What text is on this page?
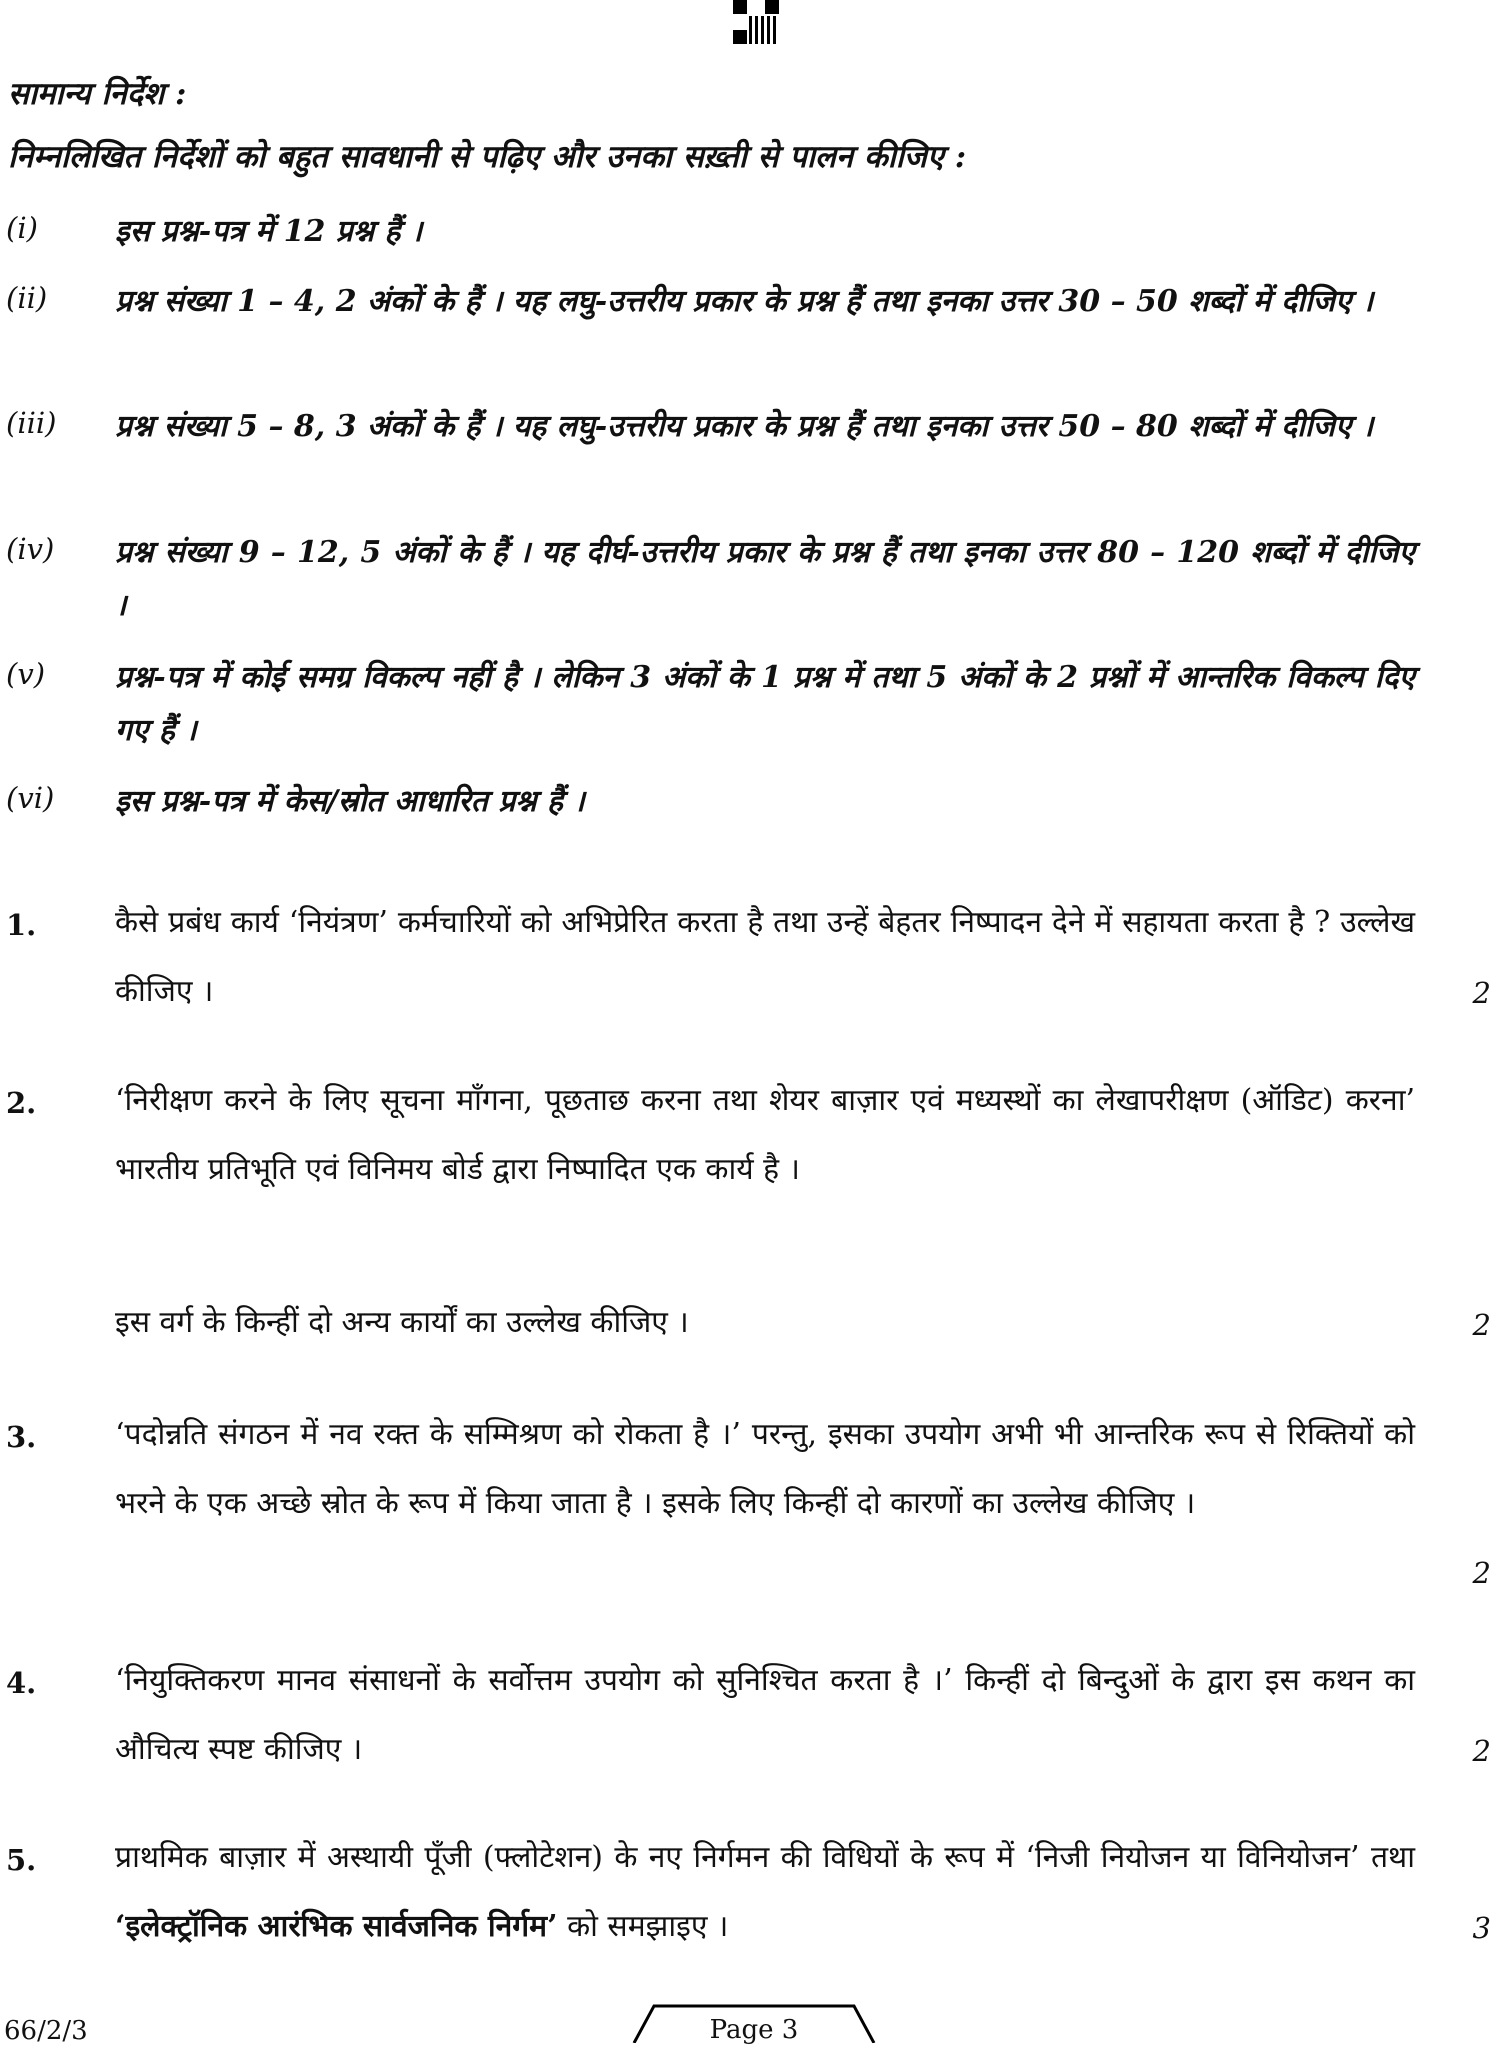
सामान्य निर्देश :
निम्नलिखित निर्देशों को बहुत सावधानी से पढ़िए और उनका सख़्ती से पालन कीजिए :
(i)	इस प्रश्न-पत्र में 12 प्रश्न हैं ।
(ii) प्रश्न संख्या 1 – 4, 2 अंकों के हैं । यह लघु-उत्तरीय प्रकार के प्रश्न हैं तथा इनका उत्तर 30 – 50 शब्दों में दीजिए ।
(iii) प्रश्न संख्या 5 – 8, 3 अंकों के हैं । यह लघु-उत्तरीय प्रकार के प्रश्न हैं तथा इनका उत्तर 50 – 80 शब्दों में दीजिए ।
(iv) प्रश्न संख्या 9 – 12, 5 अंकों के हैं । यह दीर्घ-उत्तरीय प्रकार के प्रश्न हैं तथा इनका उत्तर 80 – 120 शब्दों में दीजिए ।
(v) प्रश्न-पत्र में कोई समग्र विकल्प नहीं है । लेकिन 3 अंकों के 1 प्रश्न में तथा 5 अंकों के 2 प्रश्नों में आन्तरिक विकल्प दिए गए हैं ।
(vi) इस प्रश्न-पत्र में केस/स्रोत आधारित प्रश्न हैं ।
1.	कैसे प्रबंध कार्य ‘नियंत्रण’ कर्मचारियों को अभिप्रेरित करता है तथा उन्हें बेहतर निष्पादन देने में सहायता करता है ? उल्लेख कीजिए ।	2
2.	‘निरीक्षण करने के लिए सूचना माँगना, पूछताछ करना तथा शेयर बाज़ार एवं मध्यस्थों का लेखापरीक्षण (ऑडिट) करना’ भारतीय प्रतिभूति एवं विनिमय बोर्ड द्वारा निष्पादित एक कार्य है ।
इस वर्ग के किन्हीं दो अन्य कार्यों का उल्लेख कीजिए ।	2
3.	‘पदोन्नति संगठन में नव रक्त के सम्मिश्रण को रोकता है ।’ परन्तु, इसका उपयोग अभी भी आन्तरिक रूप से रिक्तियों को भरने के एक अच्छे स्रोत के रूप में किया जाता है । इसके लिए किन्हीं दो कारणों का उल्लेख कीजिए ।
2
4.	‘नियुक्तिकरण मानव संसाधनों के सर्वोत्तम उपयोग को सुनिश्चित करता है ।’ किन्हीं दो बिन्दुओं के द्वारा इस कथन का औचित्य स्पष्ट कीजिए ।	2
5.	प्राथमिक बाज़ार में अस्थायी पूँजी (फ्लोटेशन) के नए निर्गमन की विधियों के रूप में ‘निजी नियोजन या विनियोजन’ तथा ‘इलेक्ट्रॉनिक आरंभिक सार्वजनिक निर्गम’ को समझाइए ।	3
66/2/3	Page 3
